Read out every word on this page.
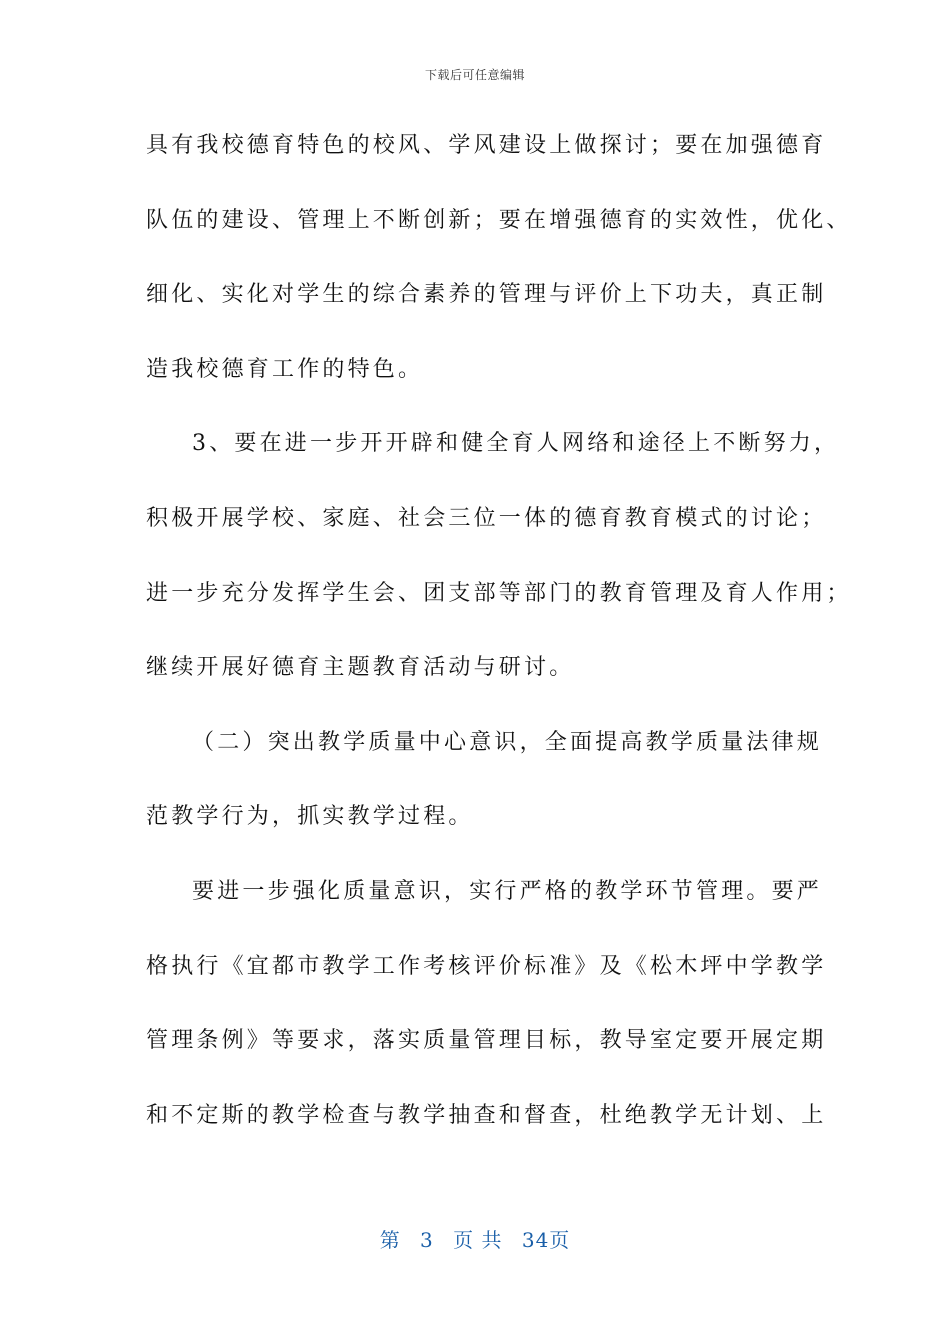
下载后可任意编辑
具有我校德育特色的校风、学风建设上做探讨；要在加强德育
队伍的建设、管理上不断创新；要在增强德育的实效性，优化、
细化、实化对学生的综合素养的管理与评价上下功夫，真正制
造我校德育工作的特色。
3、要在进一步开开辟和健全育人网络和途径上不断努力，
积极开展学校、家庭、社会三位一体的德育教育模式的讨论；
进一步充分发挥学生会、团支部等部门的教育管理及育人作用；
继续开展好德育主题教育活动与研讨。
（二）突出教学质量中心意识，全面提高教学质量法律规
范教学行为，抓实教学过程。
要进一步强化质量意识，实行严格的教学环节管理。要严
格执行《宜都市教学工作考核评价标准》及《松木坪中学教学
管理条例》等要求，落实质量管理目标，教导室定要开展定期
和不定斯的教学检查与教学抽查和督查，杜绝教学无计划、上
第 3 页 共 34页
